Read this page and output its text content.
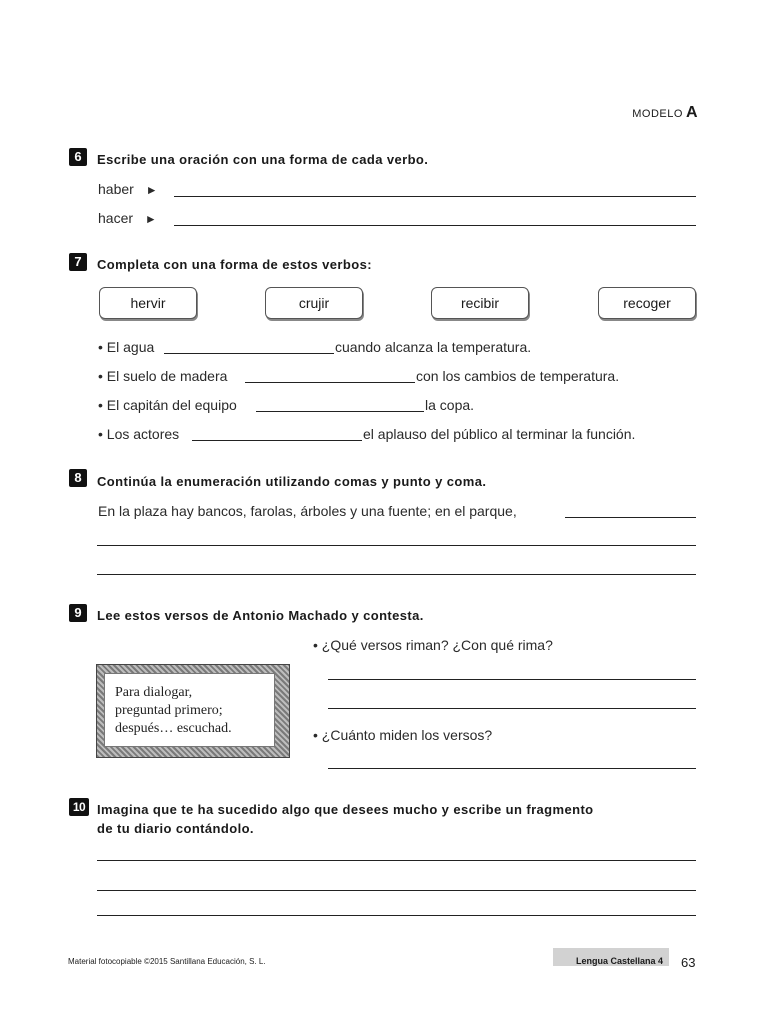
MODELO A
6	Escribe una oración con una forma de cada verbo.
haber ►
hacer ►
7	Completa con una forma de estos verbos:
hervir	crujir	recibir	recoger
• El agua	cuando alcanza la temperatura.
• El suelo de madera	con los cambios de temperatura.
• El capitán del equipo	la copa.
• Los actores	el aplauso del público al terminar la función.
8	Continúa la enumeración utilizando comas y punto y coma.
En la plaza hay bancos, farolas, árboles y una fuente; en el parque,
9	Lee estos versos de Antonio Machado y contesta.
Para dialogar,
preguntad primero;
después… escuchad.
• ¿Qué versos riman? ¿Con qué rima?
• ¿Cuánto miden los versos?
10 Imagina que te ha sucedido algo que desees mucho y escribe un fragmento
de tu diario contándolo.
Material fotocopiable ©2015 Santillana Educación, S. L.	Lengua Castellana 4	63
